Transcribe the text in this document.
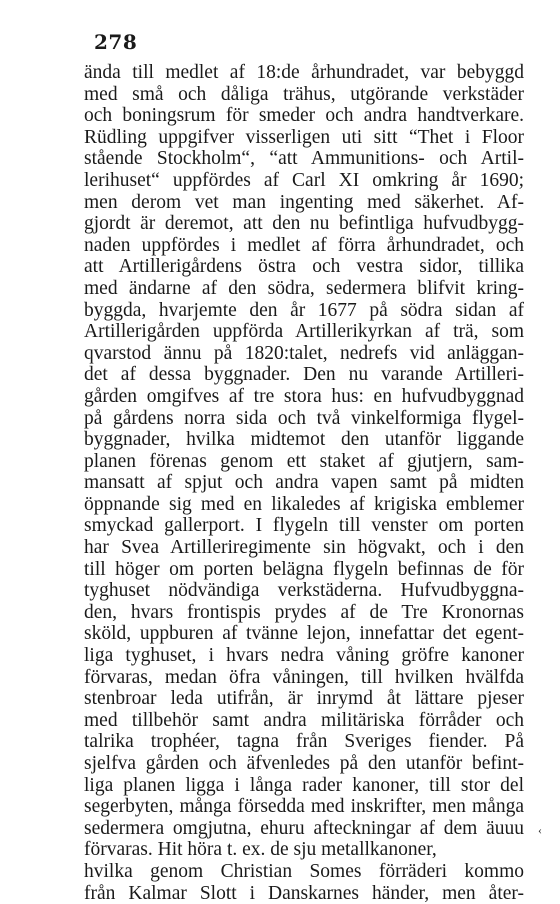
278
ända till medlet af 18:de århundradet, var bebyggd
med små och dåliga trähus, utgörande verkstäder
och boningsrum för smeder och andra handtverkare.
Rüdling uppgifver visserligen uti sitt “Thet i Floor
stående Stockholm“, “att Ammunitions- och Artil-
lerihuset“ uppfördes af Carl XI omkring år 1690;
men derom vet man ingenting med säkerhet. Af-
gjordt är deremot, att den nu befintliga hufvudbygg-
naden uppfördes i medlet af förra århundradet, och
att Artillerigårdens östra och vestra sidor, tillika
med ändarne af den södra, sedermera blifvit kring-
byggda, hvarjemte den år 1677 på södra sidan af
Artillerigården uppförda Artillerikyrkan af trä, som
qvarstod ännu på 1820:talet, nedrefs vid anläggan-
det af dessa byggnader. Den nu varande Artilleri-
gården omgifves af tre stora hus: en hufvudbyggnad
på gårdens norra sida och två vinkelformiga flygel-
byggnader, hvilka midtemot den utanför liggande
planen förenas genom ett staket af gjutjern, sam-
mansatt af spjut och andra vapen samt på midten
öppnande sig med en likaledes af krigiska emblemer
smyckad gallerport. I flygeln till venster om porten
har Svea Artilleriregimente sin högvakt, och i den
till höger om porten belägna flygeln befinnas de för
tyghuset nödvändiga verkstäderna. Hufvudbyggna-
den, hvars frontispis prydes af de Tre Kronornas
sköld, uppburen af tvänne lejon, innefattar det egent-
liga tyghuset, i hvars nedra våning gröfre kanoner
förvaras, medan öfra våningen, till hvilken hvälfda
stenbroar leda utifrån, är inrymd åt lättare pjeser
med tillbehör samt andra militäriska förråder och
talrika trophéer, tagna från Sveriges fiender. På
sjelfva gården och äfvenledes på den utanför befint-
liga planen ligga i långa rader kanoner, till stor del
segerbyten, många försedda med inskrifter, men många
sedermera omgjutna, ehuru afteckningar af dem äuuu
förvaras. Hit höra t. ex. de sju metallkanoner,
hvilka genom Christian Somes förräderi kommo
från Kalmar Slott i Danskarnes händer, men åter-
‹
